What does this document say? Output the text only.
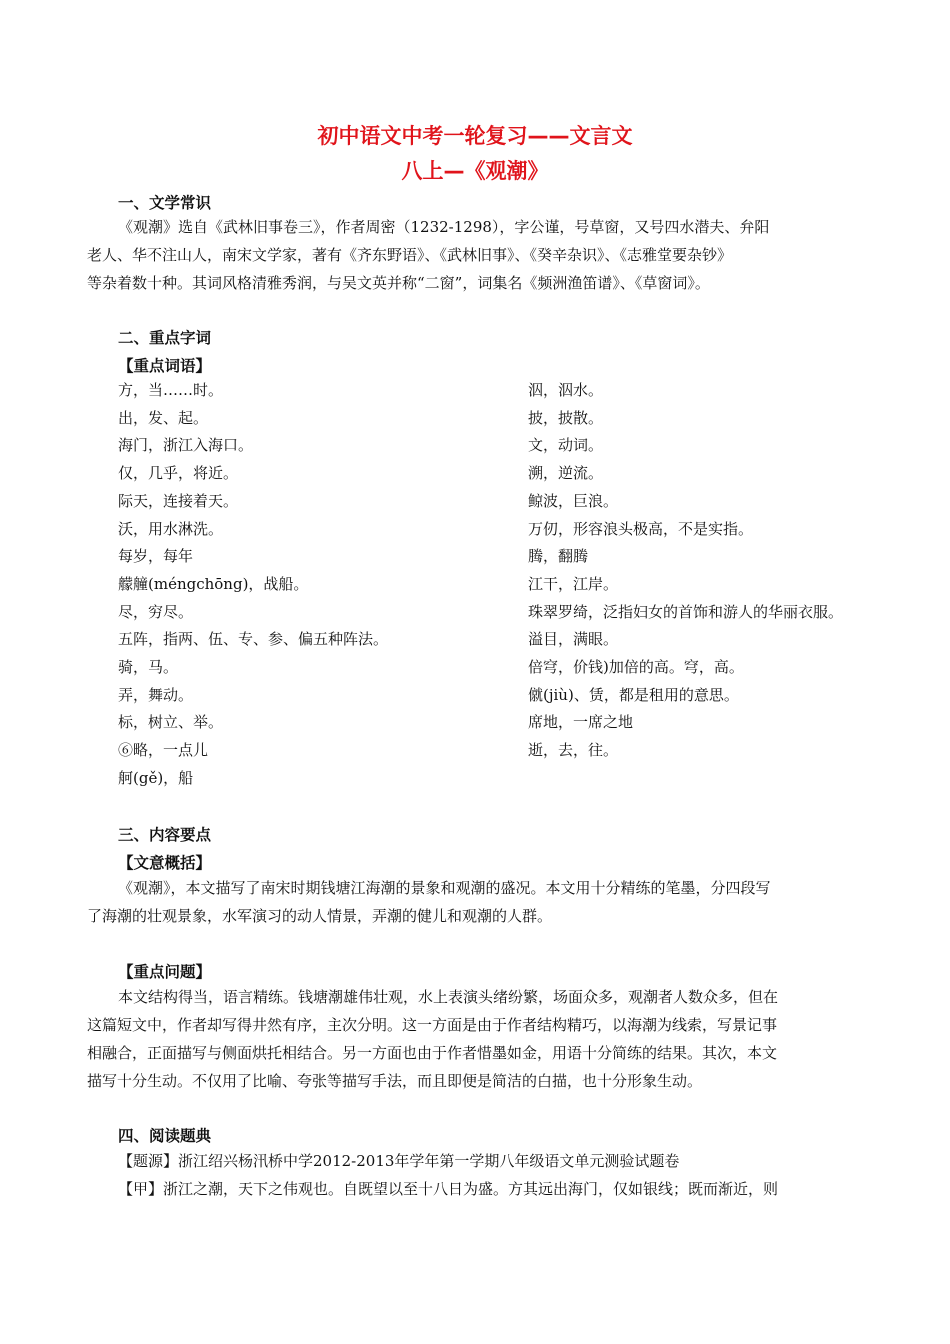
初中语文中考一轮复习——文言文
八上—《观潮》
一、文学常识
《观潮》选自《武林旧事卷三》，作者周密（1232-1298），字公谨，号草窗，又号四水潜夫、弁阳
老人、华不注山人，南宋文学家，著有《齐东野语》、《武林旧事》、《癸辛杂识》、《志雅堂要杂钞》
等杂着数十种。其词风格清雅秀润，与吴文英并称“二窗”，词集名《频洲渔笛谱》、《草窗词》。
二、重点字词
【重点词语】
方，当……时。
出，发、起。
海门，浙江入海口。
仅，几乎，将近。
际天，连接着天。
沃，用水淋洗。
每岁，每年
艨艟(méngchōng)，战船。
尽，穷尽。
五阵，指两、伍、专、参、偏五种阵法。
骑，马。
弄，舞动。
标，树立、举。
⑥略，一点儿
舸(gě)，船
泅，泅水。
披，披散。
文，动词。
溯，逆流。
鲸波，巨浪。
万仞，形容浪头极高，不是实指。
腾，翻腾
江干，江岸。
珠翠罗绮，泛指妇女的首饰和游人的华丽衣服。
溢目，满眼。
倍穹，价钱)加倍的高。穹，高。
僦(jiù)、赁，都是租用的意思。
席地，一席之地
逝，去，往。
三、内容要点
【文意概括】
《观潮》，本文描写了南宋时期钱塘江海潮的景象和观潮的盛况。本文用十分精练的笔墨，分四段写
了海潮的壮观景象，水军演习的动人情景，弄潮的健儿和观潮的人群。
【重点问题】
本文结构得当，语言精练。钱塘潮雄伟壮观，水上表演头绪纷繁，场面众多，观潮者人数众多，但在
这篇短文中，作者却写得井然有序，主次分明。这一方面是由于作者结构精巧，以海潮为线索，写景记事
相融合，正面描写与侧面烘托相结合。另一方面也由于作者惜墨如金，用语十分简练的结果。其次，本文
描写十分生动。不仅用了比喻、夸张等描写手法，而且即便是简洁的白描，也十分形象生动。
四、阅读题典
【题源】浙江绍兴杨汛桥中学2012-2013年学年第一学期八年级语文单元测验试题卷
【甲】浙江之潮，天下之伟观也。自既望以至十八日为盛。方其远出海门，仅如银线；既而渐近，则
